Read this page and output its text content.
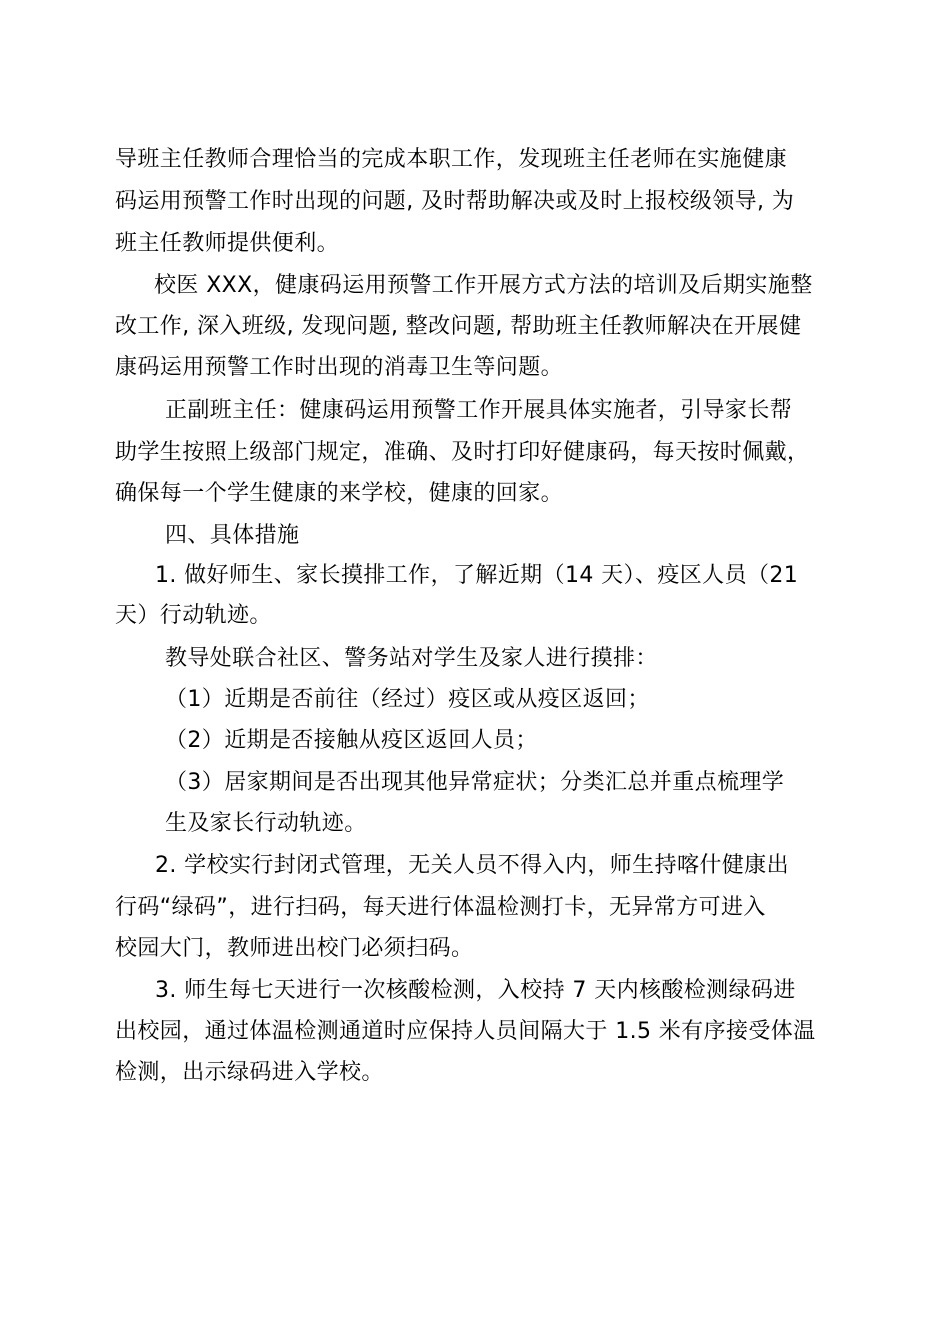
导班主任教师合理恰当的完成本职工作，发现班主任老师在实施健康
码运用预警工作时出现的问题, 及时帮助解决或及时上报校级领导, 为
班主任教师提供便利。
校医 XXX，健康码运用预警工作开展方式方法的培训及后期实施整
改工作, 深入班级, 发现问题, 整改问题, 帮助班主任教师解决在开展健
康码运用预警工作时出现的消毒卫生等问题。
正副班主任：健康码运用预警工作开展具体实施者，引导家长帮
助学生按照上级部门规定，准确、及时打印好健康码，每天按时佩戴，
确保每一个学生健康的来学校，健康的回家。
四、具体措施
1. 做好师生、家长摸排工作，了解近期（14 天）、疫区人员（21
天）行动轨迹。
教导处联合社区、警务站对学生及家人进行摸排：
（1）近期是否前往（经过）疫区或从疫区返回；
（2）近期是否接触从疫区返回人员；
（3）居家期间是否出现其他异常症状；分类汇总并重点梳理学
生及家长行动轨迹。
2. 学校实行封闭式管理，无关人员不得入内，师生持喀什健康出
行码“绿码”，进行扫码，每天进行体温检测打卡，无异常方可进入
校园大门，教师进出校门必须扫码。
3. 师生每七天进行一次核酸检测，入校持 7 天内核酸检测绿码进
出校园，通过体温检测通道时应保持人员间隔大于 1.5 米有序接受体温
检测，出示绿码进入学校。
